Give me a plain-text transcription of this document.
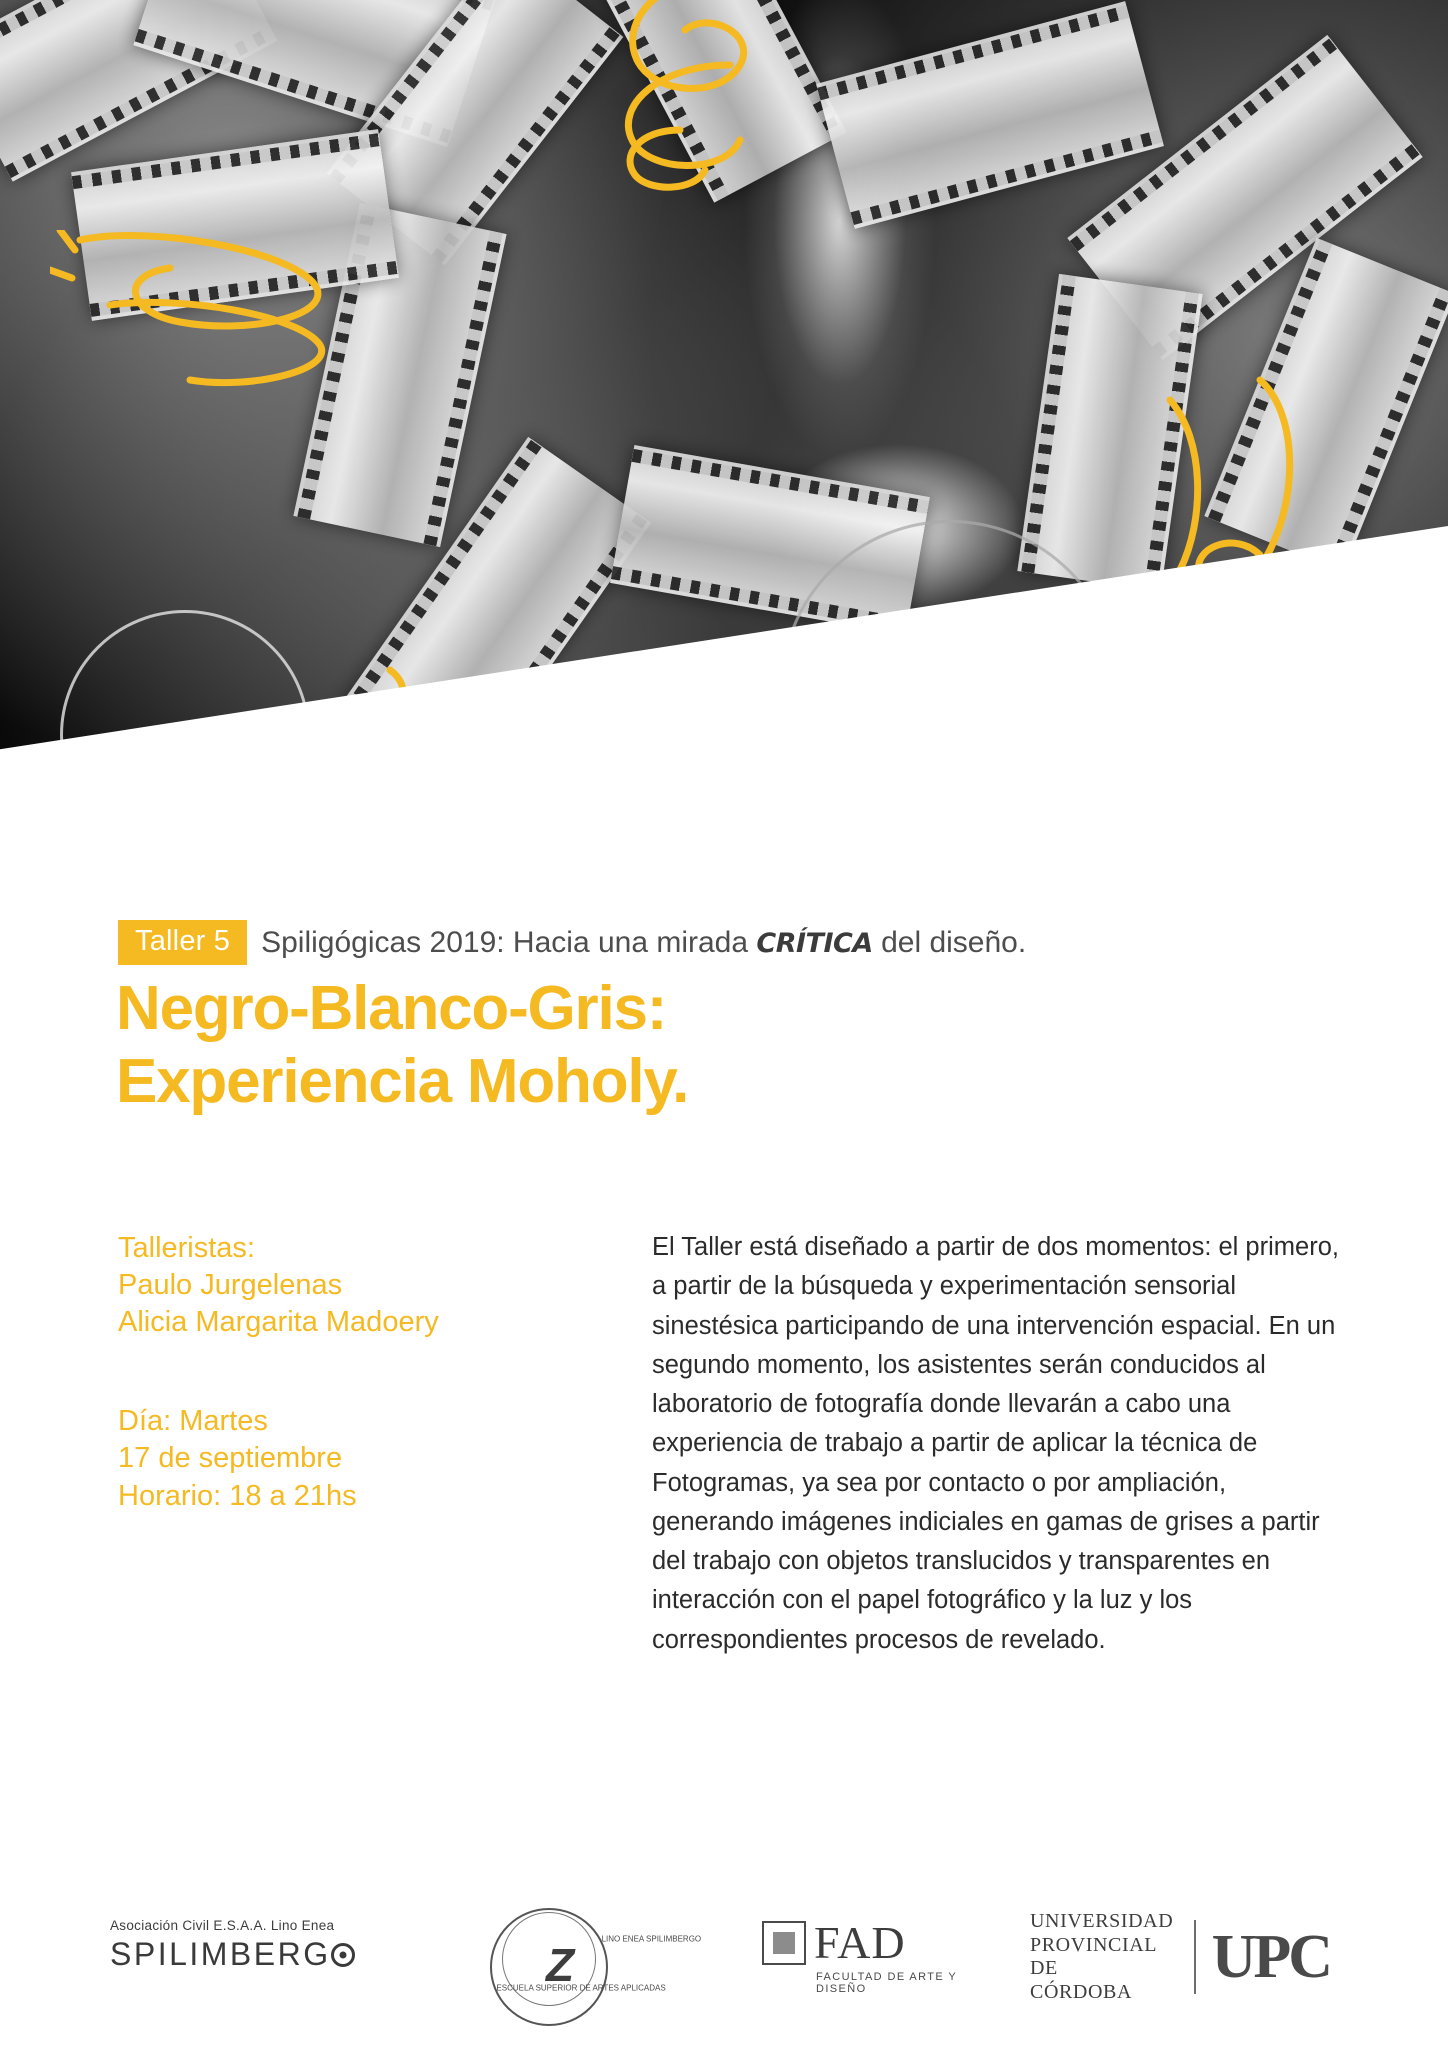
Taller 5	Spiligógicas 2019: Hacia una mirada CRÍTICA del diseño.
Negro-Blanco-Gris:
Experiencia Moholy.
Talleristas:
Paulo Jurgelenas
Alicia Margarita Madoery
Día: Martes
17 de septiembre
Horario: 18 a 21hs
El Taller está diseñado a partir de dos momentos: el primero, a partir de la búsqueda y experimentación sensorial sinestésica participando de una intervención espacial. En un segundo momento, los asistentes serán conducidos al laboratorio de fotografía donde llevarán a cabo una experiencia de trabajo a partir de aplicar la técnica de Fotogramas, ya sea por contacto o por ampliación, generando imágenes indiciales en gamas de grises a partir del trabajo con objetos translucidos y transparentes en interacción con el papel fotográfico y la luz y los correspondientes procesos de revelado.
Asociación Civil E.S.A.A. Lino Enea
SPILIMBERG	Z
ESCUELA SUPERIOR DE ARTES APLICADAS
LINO ENEA SPILIMBERGO FAD
FACULTAD DE ARTE Y DISEÑO
UNIVERSIDAD
PROVINCIAL DE
CÓRDOBA
UPC
